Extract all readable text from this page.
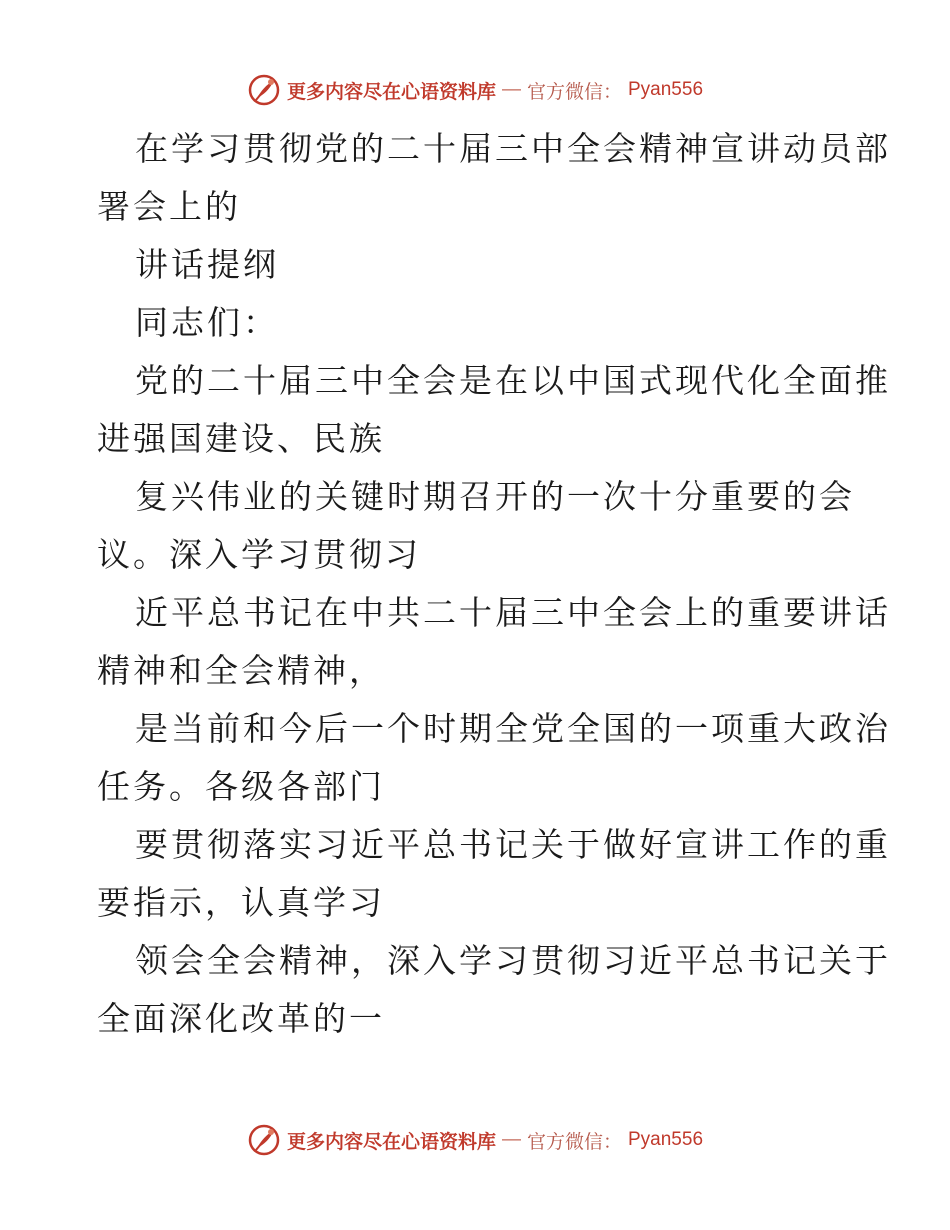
更多内容尽在心语资料库 — 官方微信： Pyan556

在学习贯彻党的二十届三中全会精神宣讲动员部

署会上的

讲话提纲

同志们：

党的二十届三中全会是在以中国式现代化全面推

进强国建设、民族

复兴伟业的关键时期召开的一次十分重要的会

议。深入学习贯彻习

近平总书记在中共二十届三中全会上的重要讲话

精神和全会精神，

是当前和今后一个时期全党全国的一项重大政治

任务。各级各部门

要贯彻落实习近平总书记关于做好宣讲工作的重

要指示，认真学习

领会全会精神，深入学习贯彻习近平总书记关于

全面深化改革的一

更多内容尽在心语资料库 — 官方微信： Pyan556
